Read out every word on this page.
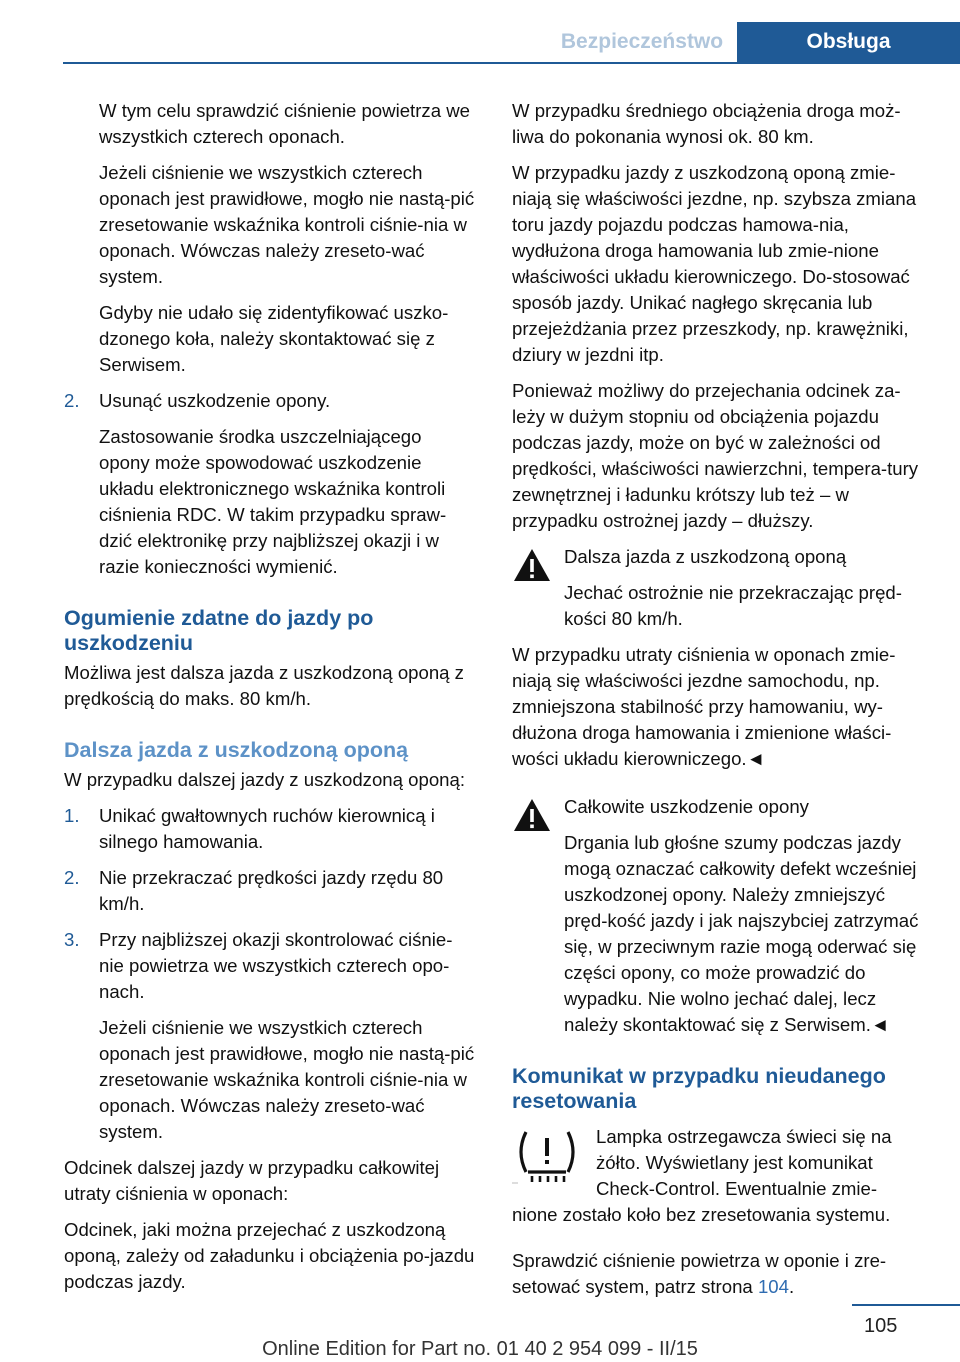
Bezpieczeństwo	Obsługa

W tym celu sprawdzić ciśnienie powietrza we wszystkich czterech oponach.

Jeżeli ciśnienie we wszystkich czterech oponach jest prawidłowe, mogło nie nastą‐pić zresetowanie wskaźnika kontroli ciśnie‐nia w oponach. Wówczas należy zreseto‐wać system.

Gdyby nie udało się zidentyfikować uszko‐dzonego koła, należy skontaktować się z Serwisem.

2. Usunąć uszkodzenie opony.

Zastosowanie środka uszczelniającego opony może spowodować uszkodzenie układu elektronicznego wskaźnika kontroli ciśnienia RDC. W takim przypadku spraw‐dzić elektronikę przy najbliższej okazji i w razie konieczności wymienić.

Ogumienie zdatne do jazdy po uszkodzeniu

Możliwa jest dalsza jazda z uszkodzoną oponą z prędkością do maks. 80 km/h.

Dalsza jazda z uszkodzoną oponą

W przypadku dalszej jazdy z uszkodzoną oponą:

1. Unikać gwałtownych ruchów kierownicą i silnego hamowania.
2. Nie przekraczać prędkości jazdy rzędu 80 km/h.
3. Przy najbliższej okazji skontrolować ciśnie‐nie powietrza we wszystkich czterech opo‐nach.

Jeżeli ciśnienie we wszystkich czterech oponach jest prawidłowe, mogło nie nastą‐pić zresetowanie wskaźnika kontroli ciśnie‐nia w oponach. Wówczas należy zreseto‐wać system.

Odcinek dalszej jazdy w przypadku całkowitej utraty ciśnienia w oponach:

Odcinek, jaki można przejechać z uszkodzoną oponą, zależy od załadunku i obciążenia po‐jazdu podczas jazdy.

W przypadku średniego obciążenia droga moż‐liwa do pokonania wynosi ok. 80 km.

W przypadku jazdy z uszkodzoną oponą zmie‐niają się właściwości jezdne, np. szybsza zmiana toru jazdy pojazdu podczas hamowa‐nia, wydłużona droga hamowania lub zmie‐nione właściwości układu kierowniczego. Do‐stosować sposób jazdy. Unikać nagłego skręcania lub przejeżdżania przez przeszkody, np. krawężniki, dziury w jezdni itp.

Ponieważ możliwy do przejechania odcinek za‐leży w dużym stopniu od obciążenia pojazdu podczas jazdy, może on być w zależności od prędkości, właściwości nawierzchni, tempera‐tury zewnętrznej i ładunku krótszy lub też – w przypadku ostrożnej jazdy – dłuższy.

Dalsza jazda z uszkodzoną oponą

Jechać ostrożnie nie przekraczając pręd‐

kości 80 km/h.

W przypadku utraty ciśnienia w oponach zmie‐niają się właściwości jezdne samochodu, np. zmniejszona stabilność przy hamowaniu, wy‐dłużona droga hamowania i zmienione właści‐wości układu kierowniczego.◄

Całkowite uszkodzenie opony

Drgania lub głośne szumy podczas jazdy

mogą oznaczać całkowity defekt wcześniej uszkodzonej opony. Należy zmniejszyć pręd‐kość jazdy i jak najszybciej zatrzymać się, w przeciwnym razie mogą oderwać się części opony, co może prowadzić do wypadku. Nie wolno jechać dalej, lecz należy skontaktować się z Serwisem.◄

Komunikat w przypadku nieudanego resetowania

Lampka ostrzegawcza świeci się na żółto. Wyświetlany jest komunikat Check-Control. Ewentualnie zmie‐

nione zostało koło bez zresetowania systemu.

Sprawdzić ciśnienie powietrza w oponie i zre‐setować system, patrz strona 104.

105
Online Edition for Part no. 01 40 2 954 099 - II/15
